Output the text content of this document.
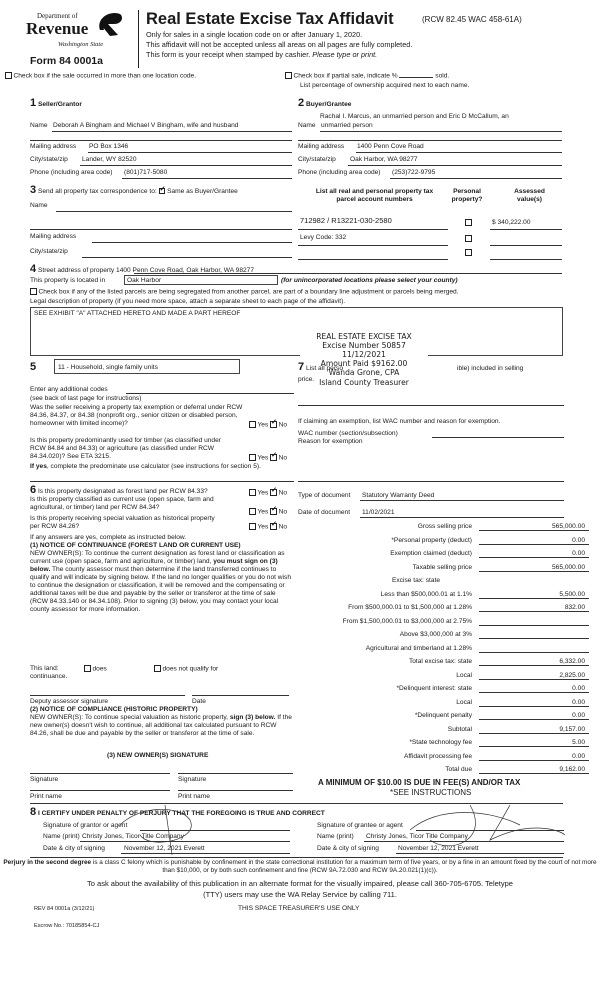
Department of
Revenue
Washington State
Form 84 0001a
Real Estate Excise Tax Affidavit	(RCW 82.45 WAC 458-61A)
Only for sales in a single location code on or after January 1, 2020.
This affidavit will not be accepted unless all areas on all pages are fully completed.
This form is your receipt when stamped by cashier. Please type or print.
Check box if the sale occurred in more than one location code.	Check box if partial sale, indicate %	sold.
List percentage of ownership acquired next to each name.
1 Seller/Grantor
Name Deborah A Bingham and Michael V Bingham, wife and husband
Mailing address PO Box 1346
City/state/zip Lander, WY 82520
Phone (including area code) (801)717-5080
2 Buyer/Grantee
Rachal I. Marcus, an unmarried person and Eric D McCallum, an
Name unmarried person
Mailing address 1400 Penn Cove Road
City/state/zip Oak Harbor, WA 98277
Phone (including area code) (253)722-9795
3 Send all property tax correspondence to: ✓ Same as Buyer/Grantee
Name
Mailing address
City/state/zip
List all real and personal property tax
parcel account numbers
Personal
property?
Assessed
value(s)
712982 / R13221-030-2580	$ 340,222.00
Levy Code: 332
4 Street address of property 1400 Penn Cove Road, Oak Harbor, WA 98277
This property is located in	Oak Harbor	(for unincorporated locations please select your county)
Check box if any of the listed parcels are being segregated from another parcel, are part of a boundary line adjustment or parcels being merged.
Legal description of property (if you need more space, attach a separate sheet to each page of the affidavit).
SEE EXHIBIT "A" ATTACHED HERETO AND MADE A PART HEREOF
REAL ESTATE EXCISE TAX
Excise Number 50857
11/12/2021
Amount Paid $9162.00
Wanda Grone, CPA
Island County Treasurer
5	11 - Household, single family units
Enter any additional codes
(see back of last page for instructions)
Was the seller receiving a property tax exemption or deferral under RCW 84.36, 84.37, or 84.38 (nonprofit org., senior citizen or disabled person, homeowner with limited income)?	Yes ✓ No
Is this property predominantly used for timber (as classified under RCW 84.84 and 84.33) or agriculture (as classified under RCW 84.34.020)? See ETA 3215.	Yes ✓ No
If yes, complete the predominate use calculator (see instructions for section 5).
7 List all perso	ible) included in selling
price.
If claiming an exemption, list WAC number and reason for exemption.
WAC number (section/subsection)
Reason for exemption
Type of document Statutory Warranty Deed
Date of document 11/02/2021
Gross selling price	565,000.00
*Personal property (deduct)	0.00
Exemption claimed (deduct)	0.00
Taxable selling price	565,000.00
Excise tax: state
Less than $500,000.01 at 1.1%	5,500.00
From $500,000.01 to $1,500,000 at 1.28%	832.00
From $1,500,000.01 to $3,000,000 at 2.75%

Above $3,000,000 at 3%

Agricultural and timberland at 1.28%

Total excise tax: state	6,332.00
Local	2,825.00
*Delinquent interest: state	0.00
Local	0.00
*Delinquent penalty	0.00
Subtotal	9,157.00
*State technology fee	5.00
Affidavit processing fee	0.00
Total due	9,162.00
A MINIMUM OF $10.00 IS DUE IN FEE(S) AND/OR TAX
*SEE INSTRUCTIONS
6 Is this property designated as forest land per RCW 84.33?	Yes ✓ No
Is this property classified as current use (open space, farm and agricultural, or timber) land per RCW 84.34?
Yes ✓ No
Is this property receiving special valuation as historical property per RCW 84.26?	Yes ✓ No
If any answers are yes, complete as instructed below.
(1) NOTICE OF CONTINUANCE (FOREST LAND OR CURRENT USE)
NEW OWNER(S): To continue the current designation as forest land or classification as current use (open space, farm and agriculture, or timber) land, you must sign on (3) below. The county assessor must then determine if the land transferred continues to qualify and will indicate by signing below. If the land no longer qualifies or you do not wish to continue the designation or classification, it will be removed and the compensating or additional taxes will be due and payable by the seller or transferor at the time of sale (RCW 84.33.140 or 84.34.108). Prior to signing (3) below, you may contact your local county assessor for more information.
This land:	does	does not qualify for
continuance.
Deputy assessor signature	Date
(2) NOTICE OF COMPLIANCE (HISTORIC PROPERTY)
NEW OWNER(S): To continue special valuation as historic property, sign (3) below. If the new owner(s) doesn't wish to continue, all additional tax calculated pursuant to RCW 84.26, shall be due and payable by the seller or transferor at the time of sale.
(3) NEW OWNER(S) SIGNATURE
Signature	Signature
Print name	Print name
8 I CERTIFY UNDER PENALTY OF PERJURY THAT THE FOREGOING IS TRUE AND CORRECT
Signature of grantor or agent
Name (print) Christy Jones, Ticor Title Company
Date & city of signing	November 12, 2021 Everett
Signature of grantee or agent
Name (print) Christy Jones, Ticor Title Company
Date & city of signing	November 12, 2021 Everett
Perjury in the second degree is a class C felony which is punishable by confinement in the state correctional institution for a maximum term of five years, or by a fine in an amount fixed by the court of not more than $10,000, or by both such confinement and fine (RCW 9A.72.030 and RCW 9A.20.021(1)(c)).
To ask about the availability of this publication in an alternate format for the visually impaired, please call 360-705-6705. Teletype
(TTY) users may use the WA Relay Service by calling 711.
REV 84 0001a (3/12/21)	THIS SPACE TREASURER'S USE ONLY
Escrow No.: 70185854-CJ
